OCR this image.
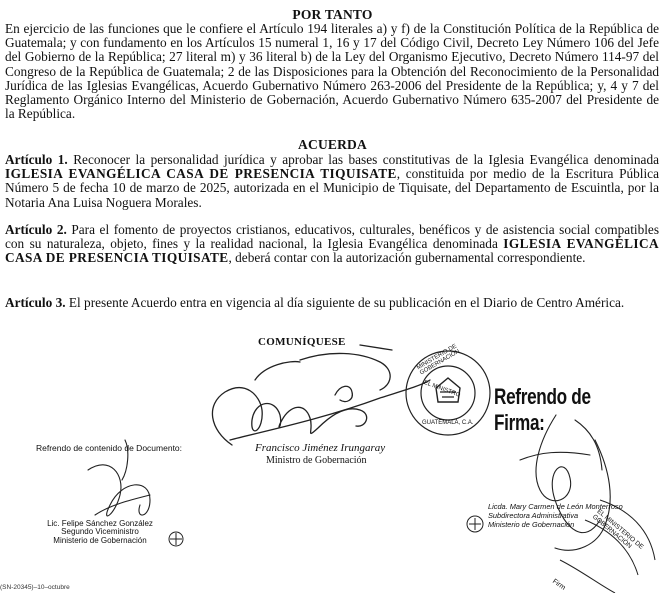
POR TANTO
En ejercicio de las funciones que le confiere el Artículo 194 literales a) y f) de la Constitución Política de la República de Guatemala; y con fundamento en los Artículos 15 numeral 1, 16 y 17 del Código Civil, Decreto Ley Número 106 del Jefe del Gobierno de la República; 27 literal m) y 36 literal b) de la Ley del Organismo Ejecutivo, Decreto Número 114-97 del Congreso de la República de Guatemala; 2 de las Disposiciones para la Obtención del Reconocimiento de la Personalidad Jurídica de las Iglesias Evangélicas, Acuerdo Gubernativo Número 263-2006 del Presidente de la República; y, 4 y 7 del Reglamento Orgánico Interno del Ministerio de Gobernación, Acuerdo Gubernativo Número 635-2007 del Presidente de la República.
ACUERDA
Artículo 1. Reconocer la personalidad jurídica y aprobar las bases constitutivas de la Iglesia Evangélica denominada IGLESIA EVANGÉLICA CASA DE PRESENCIA TIQUISATE, constituida por medio de la Escritura Pública Número 5 de fecha 10 de marzo de 2025, autorizada en el Municipio de Tiquisate, del Departamento de Escuintla, por la Notaria Ana Luisa Noguera Morales.
Artículo 2. Para el fomento de proyectos cristianos, educativos, culturales, benéficos y de asistencia social compatibles con su naturaleza, objeto, fines y la realidad nacional, la Iglesia Evangélica denominada IGLESIA EVANGÉLICA CASA DE PRESENCIA TIQUISATE, deberá contar con la autorización gubernamental correspondiente.
Artículo 3. El presente Acuerdo entra en vigencia al día siguiente de su publicación en el Diario de Centro América.
COMUNÍQUESE
Francisco Jiménez Irungaray
Ministro de Gobernación
Refrendo de Firma:
Refrendo de contenido de Documento:
Lic. Felipe Sánchez González
Segundo Viceministro
Ministerio de Gobernación
Licda. Mary Carmen de León Monterroso
Subdirectora Administrativa
Ministerio de Gobernación
MINISTERIO DE GOBERNACIÓN
EL MINISTRO
GUATEMALA, C.A.
EL MINISTERIO DE GOBERNACIÓN
Firm
(SN-20345)–10–octubre
